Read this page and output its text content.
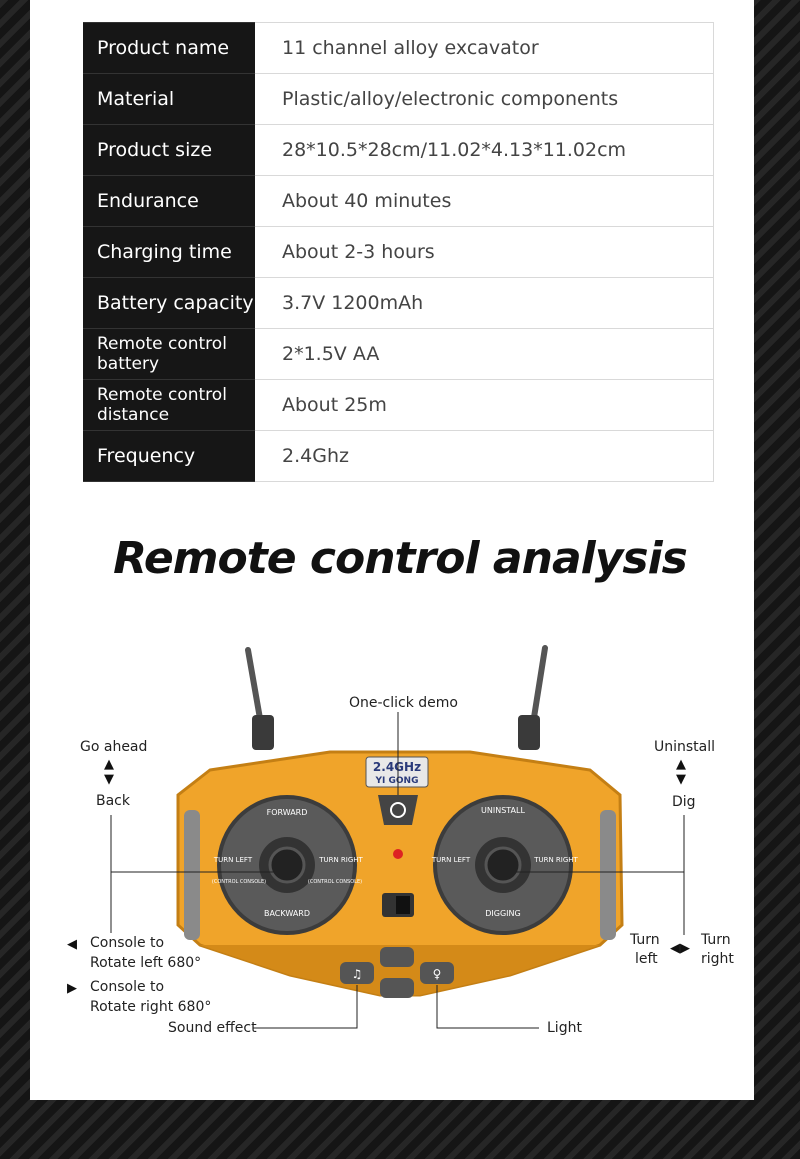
Product name	11 channel alloy excavator
Material	Plastic/alloy/electronic components
Product size	28*10.5*28cm/11.02*4.13*11.02cm
Endurance	About 40 minutes
Charging time	About 2-3 hours
Battery capacity	3.7V 1200mAh
Remote control battery	2*1.5V AA
Remote control distance	About 25m
Frequency	2.4Ghz
Remote control analysis
2.4GHz
YI GONG
FORWARD
BACKWARD
TURN LEFT	TURN RIGHT
(CONTROL CONSOLE)	(CONTROL CONSOLE)
UNINSTALL
DIGGING
TURN LEFT	TURN RIGHT
♫	♀
One-click demo
Go ahead
▲
▼
Back
Uninstall
▲
▼
Dig
◀ Console to
Rotate left 680°
▶ Console to
Rotate right 680°
Turn
left
◀▶
Turn
right
Sound effect	Light
